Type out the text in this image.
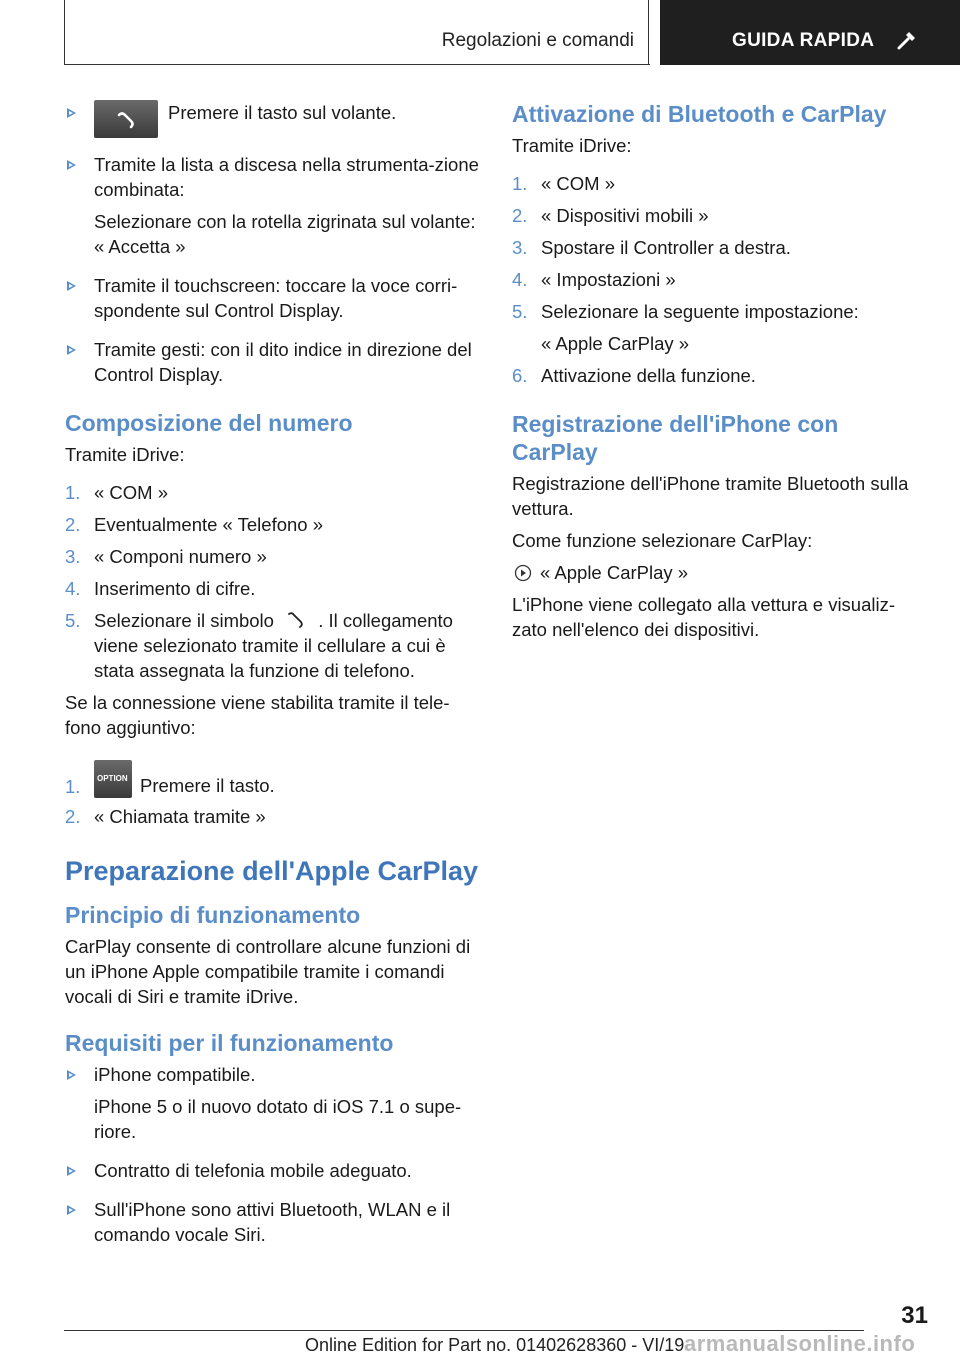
Regolazioni e comandi	GUIDA RAPIDA
Premere il tasto sul volante.
Tramite la lista a discesa nella strumenta-zione combinata:
Selezionare con la rotella zigrinata sul volante:
« Accetta »
Tramite il touchscreen: toccare la voce corri-spondente sul Control Display.
Tramite gesti: con il dito indice in direzione del Control Display.
Composizione del numero
Tramite iDrive:
1. « COM »
2. Eventualmente « Telefono »
3. « Componi numero »
4. Inserimento di cifre.
5. Selezionare il simbolo . Il collegamento viene selezionato tramite il cellulare a cui è stata assegnata la funzione di telefono.
Se la connessione viene stabilita tramite il tele-fono aggiuntivo:
1. OPTION Premere il tasto.
2. « Chiamata tramite »
Preparazione dell'Apple CarPlay
Principio di funzionamento
CarPlay consente di controllare alcune funzioni di un iPhone Apple compatibile tramite i comandi vocali di Siri e tramite iDrive.
Requisiti per il funzionamento
iPhone compatibile.
iPhone 5 o il nuovo dotato di iOS 7.1 o supe-riore.
Contratto di telefonia mobile adeguato.
Sull'iPhone sono attivi Bluetooth, WLAN e il comando vocale Siri.
Attivazione di Bluetooth e CarPlay
Tramite iDrive:
1. « COM »
2. « Dispositivi mobili »
3. Spostare il Controller a destra.
4. « Impostazioni »
5. Selezionare la seguente impostazione:
« Apple CarPlay »
6. Attivazione della funzione.
Registrazione dell'iPhone con CarPlay
Registrazione dell'iPhone tramite Bluetooth sulla vettura.
Come funzione selezionare CarPlay:
« Apple CarPlay »
L'iPhone viene collegato alla vettura e visualiz-zato nell'elenco dei dispositivi.
31
Online Edition for Part no. 01402628360 - VI/19 armanualsonline.info
